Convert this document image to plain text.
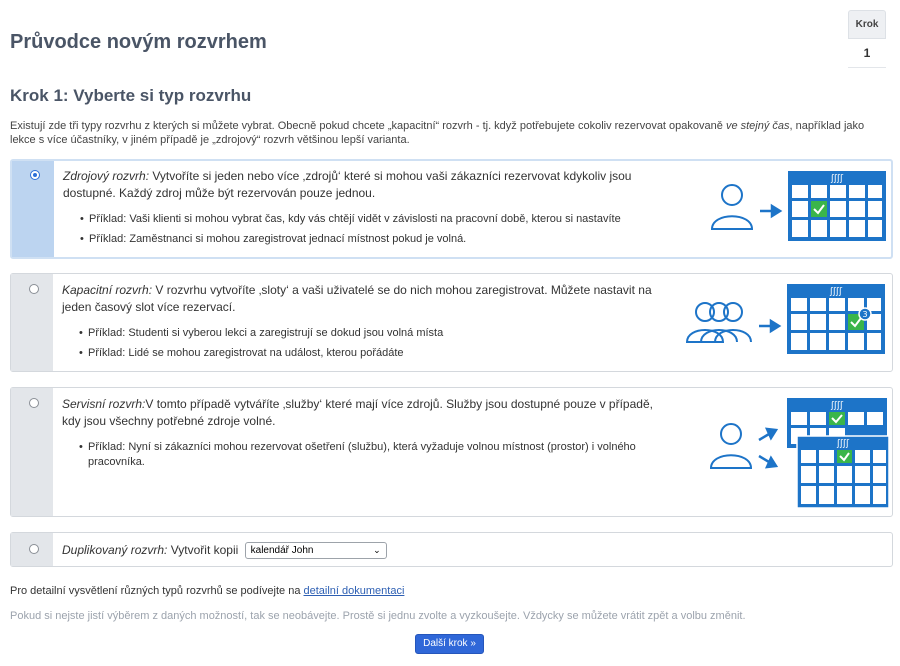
Průvodce novým rozvrhem
Krok
1
Krok 1: Vyberte si typ rozvrhu
Existují zde tři typy rozvrhu z kterých si můžete vybrat. Obecně pokud chcete „kapacitní“ rozvrh - tj. když potřebujete cokoliv rezervovat opakovaně ve stejný čas, například jako lekce s více účastníky, v jiném případě je „zdrojový“ rozvrh většinou lepší varianta.
Zdrojový rozvrh: Vytvoříte si jeden nebo více ‚zdrojů‘ které si mohou vaši zákazníci rezervovat kdykoliv jsou dostupné. Každý zdroj může být rezervován pouze jednou.
• Příklad: Vaši klienti si mohou vybrat čas, kdy vás chtějí vidět v závislosti na pracovní době, kterou si nastavíte
• Příklad: Zaměstnanci si mohou zaregistrovat jednací místnost pokud je volná.
ʃʃʃʃ
Kapacitní rozvrh: V rozvrhu vytvoříte ‚sloty‘ a vaši uživatelé se do nich mohou zaregistrovat. Můžete nastavit na jeden časový slot více rezervací.
• Příklad: Studenti si vyberou lekci a zaregistrují se dokud jsou volná místa
• Příklad: Lidé se mohou zaregistrovat na událost, kterou pořádáte
ʃʃʃʃ
3
Servisní rozvrh:V tomto případě vytváříte ‚služby‘ které mají více zdrojů. Služby jsou dostupné pouze v případě, kdy jsou všechny potřebné zdroje volné.
• Příklad: Nyní si zákazníci mohou rezervovat ošetření (službu), která vyžaduje volnou místnost (prostor) i volného pracovníka.
ʃʃʃʃ
ʃʃʃʃ
Duplikovaný rozvrh: Vytvořit kopii kalendář John	⌄
Pro detailní vysvětlení různých typů rozvrhů se podívejte na detailní dokumentaci
Pokud si nejste jistí výběrem z daných možností, tak se neobávejte. Prostě si jednu zvolte a vyzkoušejte. Vždycky se můžete vrátit zpět a volbu změnit.
Další krok »
